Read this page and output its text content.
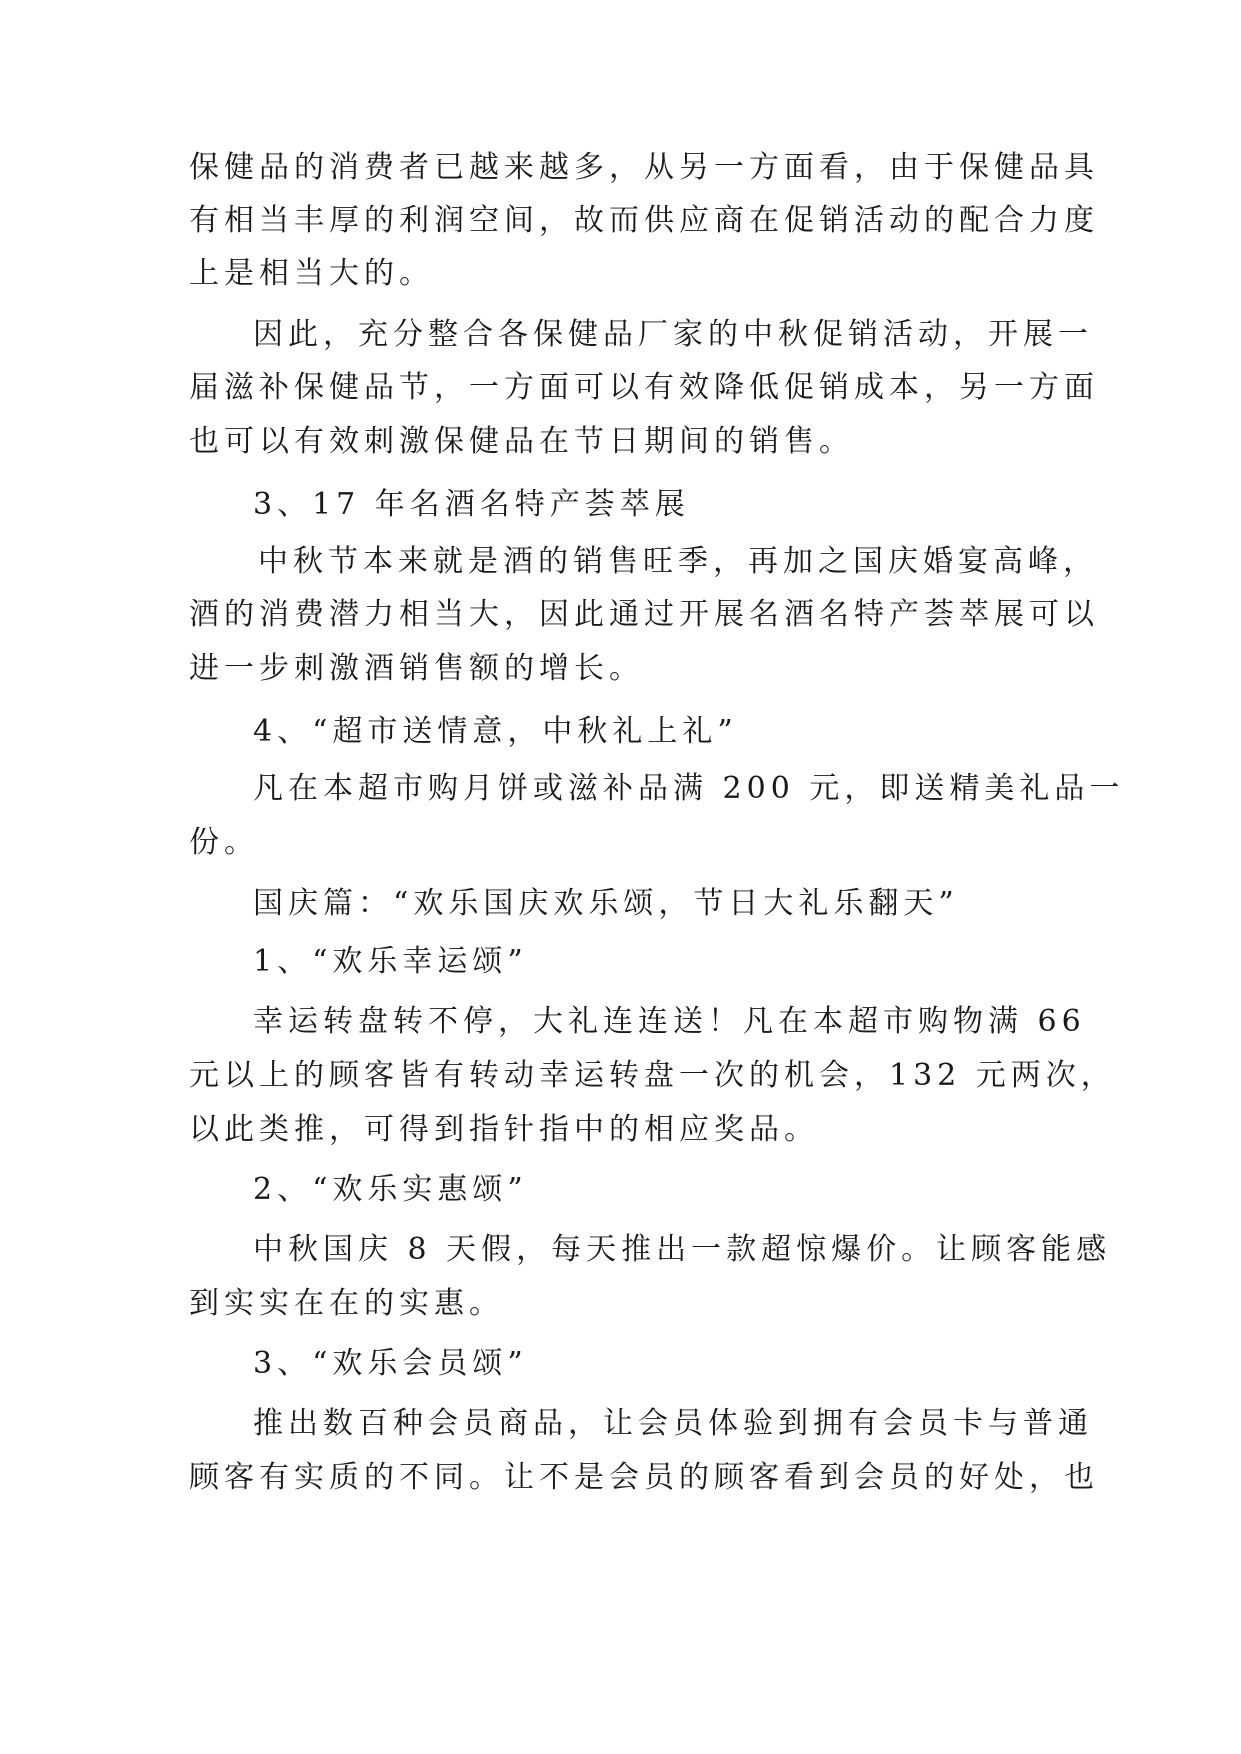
保健品的消费者已越来越多，从另一方面看，由于保健品具
有相当丰厚的利润空间，故而供应商在促销活动的配合力度
上是相当大的。
因此，充分整合各保健品厂家的中秋促销活动，开展一
届滋补保健品节，一方面可以有效降低促销成本，另一方面
也可以有效刺激保健品在节日期间的销售。
3、17 年名酒名特产荟萃展
中秋节本来就是酒的销售旺季，再加之国庆婚宴高峰，
酒的消费潜力相当大，因此通过开展名酒名特产荟萃展可以
进一步刺激酒销售额的增长。
4、“超市送情意，中秋礼上礼”
凡在本超市购月饼或滋补品满 200 元，即送精美礼品一
份。
国庆篇：“欢乐国庆欢乐颂，节日大礼乐翻天”
1、“欢乐幸运颂”
幸运转盘转不停，大礼连连送！凡在本超市购物满 66
元以上的顾客皆有转动幸运转盘一次的机会，132 元两次，
以此类推，可得到指针指中的相应奖品。
2、“欢乐实惠颂”
中秋国庆 8 天假，每天推出一款超惊爆价。让顾客能感
到实实在在的实惠。
3、“欢乐会员颂”
推出数百种会员商品，让会员体验到拥有会员卡与普通
顾客有实质的不同。让不是会员的顾客看到会员的好处，也
